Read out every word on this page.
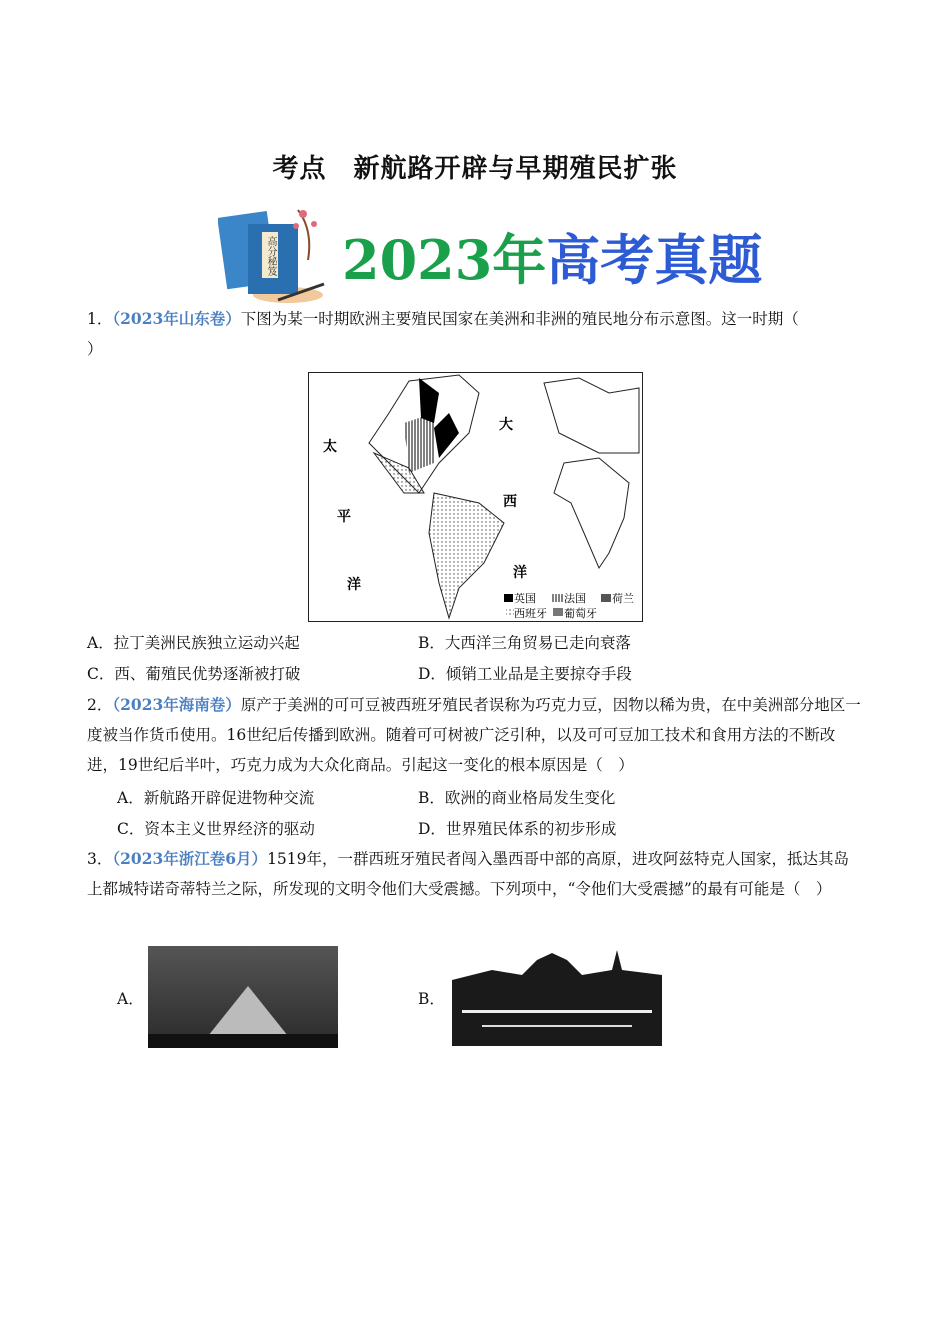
考点　新航路开辟与早期殖民扩张
高分秘笈 2023年高考真题
1．（2023年山东卷）下图为某一时期欧洲主要殖民国家在美洲和非洲的殖民地分布示意图。这一时期（
）
太
平
洋
大
西
洋
英国	法国 荷兰
西班牙 葡萄牙
A．拉丁美洲民族独立运动兴起	B．大西洋三角贸易已走向衰落
C．西、葡殖民优势逐渐被打破	D．倾销工业品是主要掠夺手段
2．（2023年海南卷）原产于美洲的可可豆被西班牙殖民者误称为巧克力豆，因物以稀为贵，在中美洲部分地区一度被当作货币使用。16世纪后传播到欧洲。随着可可树被广泛引种，以及可可豆加工技术和食用方法的不断改进，19世纪后半叶，巧克力成为大众化商品。引起这一变化的根本原因是（　）
A．新航路开辟促进物种交流	B．欧洲的商业格局发生变化
C．资本主义世界经济的驱动	D．世界殖民体系的初步形成
3．（2023年浙江卷6月）1519年，一群西班牙殖民者闯入墨西哥中部的高原，进攻阿兹特克人国家，抵达其岛上都城特诺奇蒂特兰之际，所发现的文明令他们大受震撼。下列项中，“令他们大受震撼”的最有可能是（　）
A．	B．
